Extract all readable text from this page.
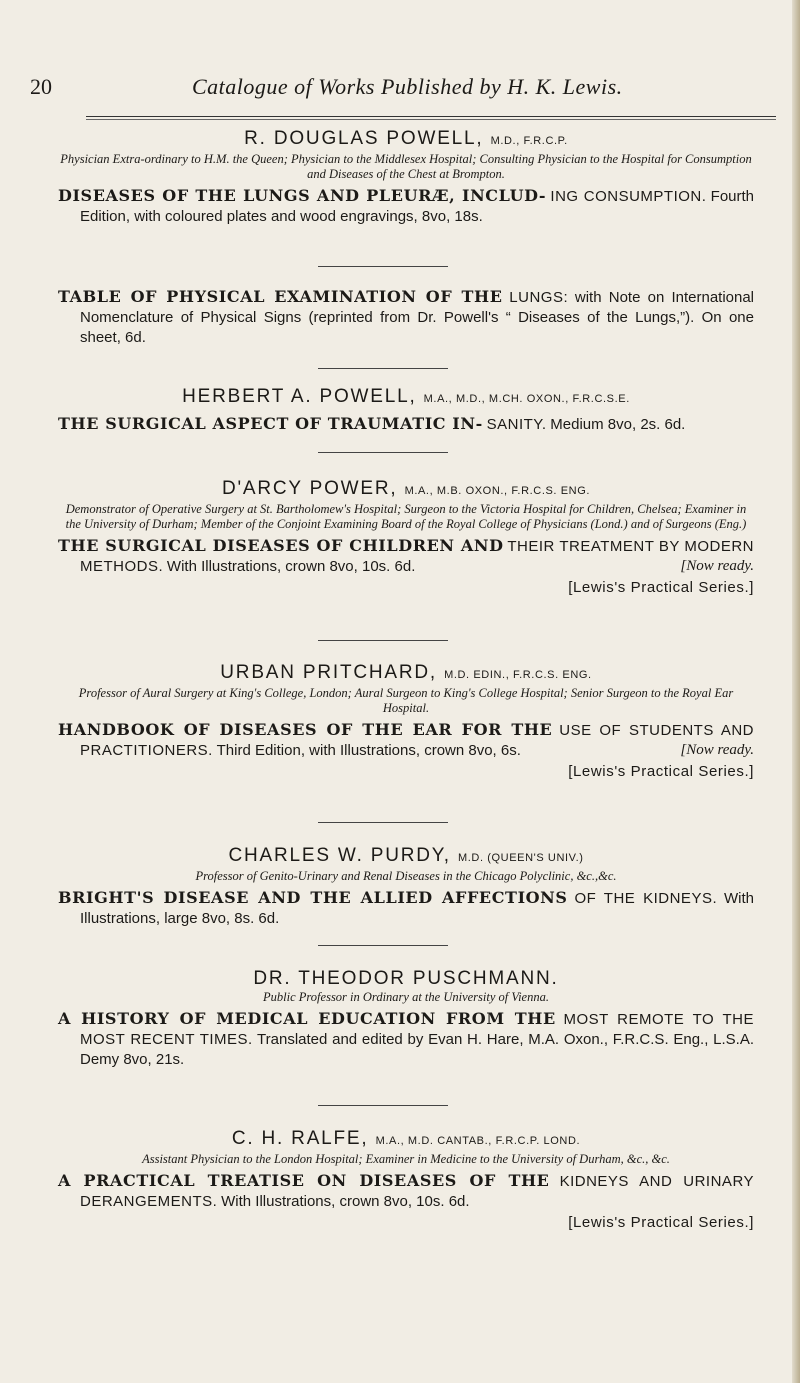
20	Catalogue of Works Published by H. K. Lewis.

R. DOUGLAS POWELL, M.D., F.R.C.P.

Physician Extra-ordinary to H.M. the Queen; Physician to the Middlesex Hospital; Consulting Physician to the Hospital for Consumption and Diseases of the Chest at Brompton.

DISEASES OF THE LUNGS AND PLEURÆ, INCLUD- ING CONSUMPTION. Fourth Edition, with coloured plates and wood engravings, 8vo, 18s.

TABLE OF PHYSICAL EXAMINATION OF THE LUNGS: with Note on International Nomenclature of Physical Signs (reprinted from Dr. Powell's “ Diseases of the Lungs,”). On one sheet, 6d.

HERBERT A. POWELL, M.A., M.D., M.CH. OXON., F.R.C.S.E.

THE SURGICAL ASPECT OF TRAUMATIC IN- SANITY. Medium 8vo, 2s. 6d.

D'ARCY POWER, M.A., M.B. OXON., F.R.C.S. ENG.

Demonstrator of Operative Surgery at St. Bartholomew's Hospital; Surgeon to the Victoria Hospital for Children, Chelsea; Examiner in the University of Durham; Member of the Conjoint Examining Board of the Royal College of Physicians (Lond.) and of Surgeons (Eng.)

THE SURGICAL DISEASES OF CHILDREN AND THEIR TREATMENT BY MODERN METHODS. With Illustrations, crown 8vo, 10s. 6d.	[Now ready.

[Lewis's Practical Series.]

URBAN PRITCHARD, M.D. EDIN., F.R.C.S. ENG.

Professor of Aural Surgery at King's College, London; Aural Surgeon to King's College Hospital; Senior Surgeon to the Royal Ear Hospital.

HANDBOOK OF DISEASES OF THE EAR FOR THE USE OF STUDENTS AND PRACTITIONERS. Third Edition, with Illustrations, crown 8vo, 6s.	[Now ready.

[Lewis's Practical Series.]

CHARLES W. PURDY, M.D. (QUEEN'S UNIV.)

Professor of Genito-Urinary and Renal Diseases in the Chicago Polyclinic, &c.,&c.

BRIGHT'S DISEASE AND THE ALLIED AFFECTIONS OF THE KIDNEYS. With Illustrations, large 8vo, 8s. 6d.

DR. THEODOR PUSCHMANN.

Public Professor in Ordinary at the University of Vienna.

A HISTORY OF MEDICAL EDUCATION FROM THE MOST REMOTE TO THE MOST RECENT TIMES. Translated and edited by Evan H. Hare, M.A. Oxon., F.R.C.S. Eng., L.S.A. Demy 8vo, 21s.

C. H. RALFE, M.A., M.D. CANTAB., F.R.C.P. LOND.

Assistant Physician to the London Hospital; Examiner in Medicine to the University of Durham, &c., &c.

A PRACTICAL TREATISE ON DISEASES OF THE KIDNEYS AND URINARY DERANGEMENTS. With Illustrations, crown 8vo, 10s. 6d.

[Lewis's Practical Series.]
